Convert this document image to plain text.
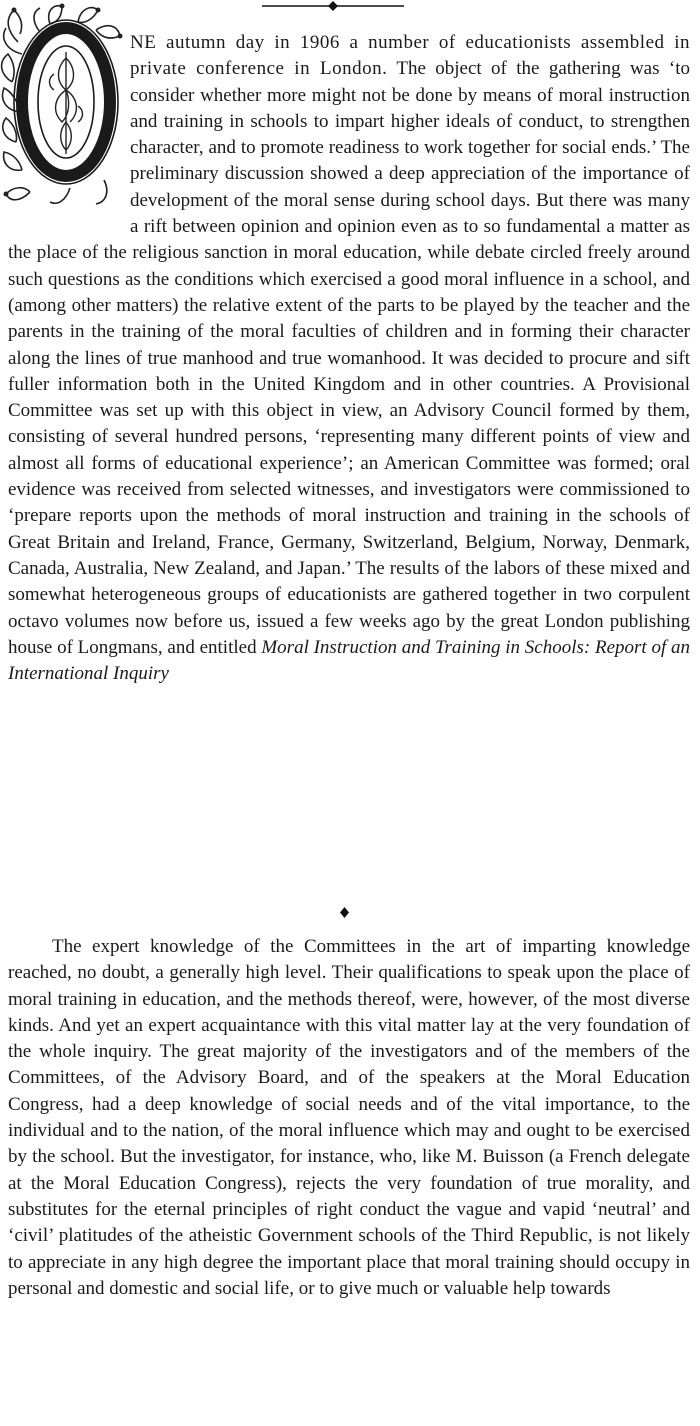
NE autumn day in 1906 a number of educationists assembled in private conference in London. The object of the gathering was ‘to consider whether more might not be done by means of moral instruction and training in schools to impart higher ideals of conduct, to strengthen character, and to promote readiness to work together for social ends.’ The preliminary discussion showed a deep appreciation of the importance of development of the moral sense during school days. But there was many a rift between opinion and opinion even as to so fundamental a matter as the place of the religious sanction in moral education, while debate circled freely around such questions as the conditions which exercised a good moral influence in a school, and (among other matters) the relative extent of the parts to be played by the teacher and the parents in the training of the moral faculties of children and in forming their character along the lines of true manhood and true womanhood. It was decided to procure and sift fuller information both in the United Kingdom and in other countries. A Provisional Committee was set up with this object in view, an Advisory Council formed by them, consisting of several hundred persons, ‘representing many different points of view and almost all forms of educational experience’; an American Committee was formed; oral evidence was received from selected witnesses, and investigators were commissioned to ‘prepare reports upon the methods of moral instruction and training in the schools of Great Britain and Ireland, France, Germany, Switzerland, Belgium, Norway, Denmark, Canada, Australia, New Zealand, and Japan.’ The results of the labors of these mixed and somewhat heterogeneous groups of educationists are gathered together in two corpulent octavo volumes now before us, issued a few weeks ago by the great London publishing house of Longmans, and entitled Moral Instruction and Training in Schools: Report of an International Inquiry

The expert knowledge of the Committees in the art of imparting knowledge reached, no doubt, a generally high level. Their qualifications to speak upon the place of moral training in education, and the methods thereof, were, however, of the most diverse kinds. And yet an expert acquaintance with this vital matter lay at the very foundation of the whole inquiry. The great majority of the investigators and of the members of the Committees, of the Advisory Board, and of the speakers at the Moral Education Congress, had a deep knowledge of social needs and of the vital importance, to the individual and to the nation, of the moral influence which may and ought to be exercised by the school. But the investigator, for instance, who, like M. Buisson (a French delegate at the Moral Education Congress), rejects the very foundation of true morality, and substitutes for the eternal principles of right conduct the vague and vapid ‘neutral’ and ‘civil’ platitudes of the atheistic Government schools of the Third Republic, is not likely to appreciate in any high degree the important place that moral training should occupy in personal and domestic and social life, or to give much or valuable help towards
